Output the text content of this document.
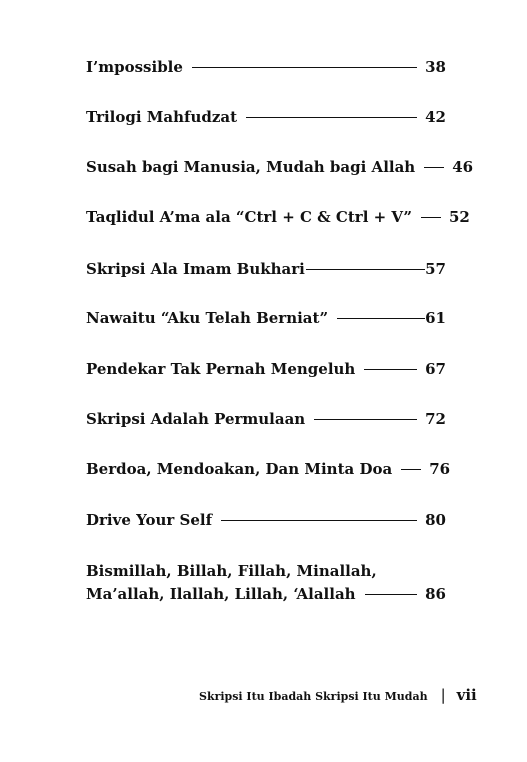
I’mpossible	38
Trilogi Mahfudzat	42
Susah bagi Manusia, Mudah bagi Allah 46
Taqlidul A’ma ala “Ctrl + C & Ctrl + V” 52
Skripsi Ala Imam Bukhari	57
Nawaitu “Aku Telah Berniat”	61
Pendekar Tak Pernah Mengeluh	67
Skripsi Adalah Permulaan	72
Berdoa, Mendoakan, Dan Minta Doa 76
Drive Your Self	80
Bismillah, Billah, Fillah, Minallah,
Ma’allah, Ilallah, Lillah, ‘Alallah	86
Skripsi Itu Ibadah Skripsi Itu Mudah | vii
